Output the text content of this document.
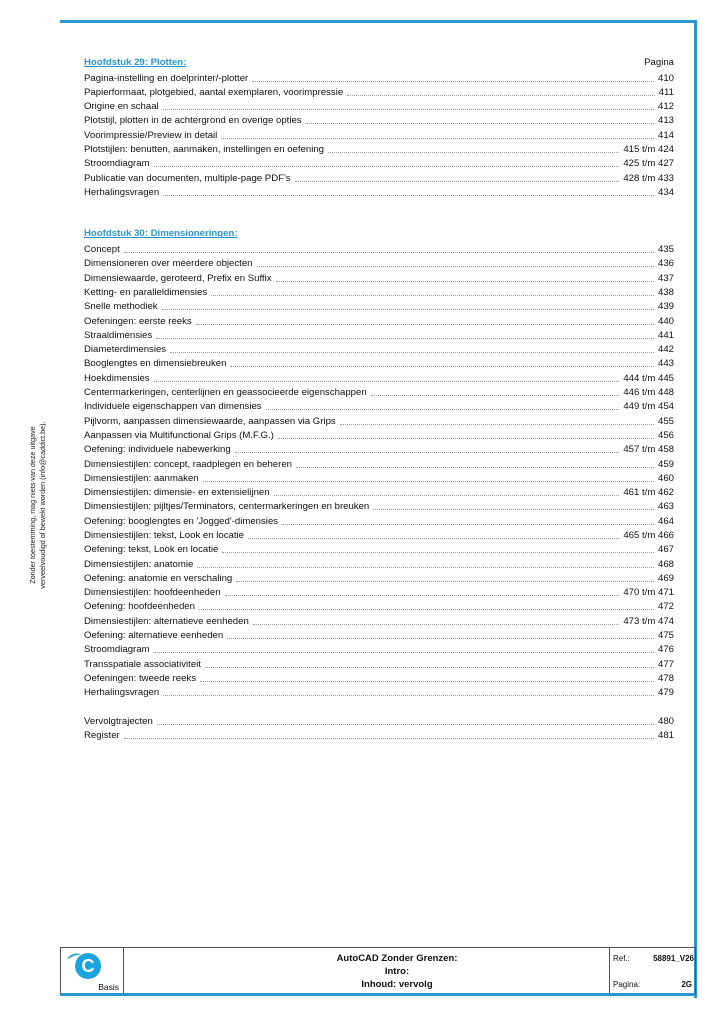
Zonder toestemming, mag niets van deze uitgave verveelvoudigd of bewekt worden (info@caddict.be).
Hoofdstuk 29: Plotten:	Pagina
Pagina-instelling en doelprinter/-plotter	410
Papierformaat, plotgebied, aantal exemplaren, voorimpressie	411
Origine en schaal	412
Plotstijl, plotten in de achtergrond en overige opties	413
Voorimpressie/Preview in detail	414
Plotstijlen: benutten, aanmaken, instellingen en oefening	415 t/m 424
Stroomdiagram	425 t/m 427
Publicatie van documenten, multiple-page PDF's	428 t/m 433
Herhalingsvragen	434
Hoofdstuk 30: Dimensioneringen:
Concept	435
Dimensioneren over meerdere objecten	436
Dimensiewaarde, geroteerd, Prefix en Suffix	437
Ketting- en paralleldimensies	438
Snelle methodiek	439
Oefeningen: eerste reeks	440
Straaldimensies	441
Diameterdimensies	442
Booglengtes en dimensiebreuken	443
Hoekdimensies	444 t/m 445
Centermarkeringen, centerlijnen en geassocieerde eigenschappen	446 t/m 448
Individuele eigenschappen van dimensies	449 t/m 454
Pijlvorm, aanpassen dimensiewaarde, aanpassen via Grips	455
Aanpassen via Multifunctional Grips (M.F.G.)	456
Oefening: individuele nabewerking	457 t/m 458
Dimensiestijlen: concept, raadplegen en beheren	459
Dimensiestijlen: aanmaken	460
Dimensiestijlen: dimensie- en extensielijnen	461 t/m 462
Dimensiestijlen: pijltjes/Terminators, centermarkeringen en breuken	463
Oefening: booglengtes en 'Jogged'-dimensies	464
Dimensiestijlen: tekst, Look en locatie	465 t/m 466
Oefening: tekst, Look en locatie	467
Dimensiestijlen: anatomie	468
Oefening: anatomie en verschaling	469
Dimensiestijlen: hoofdeenheden	470 t/m 471
Oefening: hoofdeenheden	472
Dimensiestijlen: alternatieve eenheden	473 t/m 474
Oefening: alternatieve eenheden	475
Stroomdiagram	476
Transspatiale associativiteit	477
Oefeningen: tweede reeks	478
Herhalingsvragen	479
Vervolgtrajecten	480
Register	481
C
Basis
AutoCAD Zonder Grenzen:
Intro:
Inhoud: vervolg
Ref.:	58891_V26
Pagina:	2G
